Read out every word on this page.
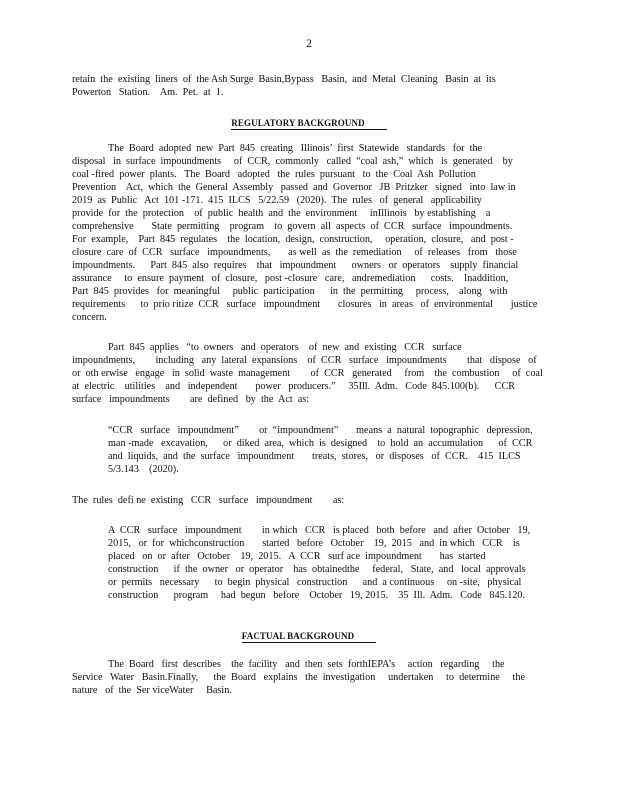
2
retain  the  existing  liners  of  the Ash Surge  Basin,Bypass   Basin,  and  Metal  Cleaning   Basin  at  its
Powerton   Station.    Am.  Pet.  at  1.
REGULATORY BACKGROUND
The  Board  adopted  new  Part  845  creating   Illinois’  first  Statewide   standards   for  the
disposal   in  surface  impoundments     of  CCR,  commonly   called  “coal  ash,”  which   is  generated    by
coal -fired  power  plants.   The  Board   adopted   the  rules  pursuant   to  the  Coal  Ash  Pollution
Prevention    Act,  which  the  General  Assembly   passed  and  Governor   JB  Pritzker   signed   into  law in
2019  as  Public   Act  101 -171.  415  ILCS   5/22.59   (2020).  The  rules   of  general   applicability
provide  for  the  protection    of  public  health  and  the  environment     inIllinois   by establishing    a
comprehensive       State  permitting    program    to  govern  all  aspects  of  CCR   surface   impoundments.
For  example,    Part  845  regulates    the  location,  design,  construction,     operation,  closure,   and  post -
closure  care  of  CCR   surface   impoundments,       as well  as  the  remediation     of  releases   from   those
impoundments.      Part  845  also  requires    that   impoundment      owners   or  operators    supply  financial
assurance     to  ensure  payment   of  closure,   post -closure   care,   andremediation      costs.    Inaddition,
Part  845  provides   for  meaningful     public  participation      in  the  permitting     process,    along   with
requirements      to  prio ritize  CCR   surface   impoundment       closures   in  areas   of  environmental       justice
concern.
Part  845  applies   “to  owners   and  operators    of  new  and  existing   CCR   surface
impoundments,        including   any  lateral  expansions    of  CCR   surface   impoundments        that   dispose   of
or  oth erwise   engage   in  solid  waste  management        of  CCR   generated     from    the  combustion     of  coal
at  electric    utilities    and   independent       power   producers.”     35Ill.  Adm.   Code  845.100(b).      CCR
surface   impoundments        are  defined   by  the  Act  as:
“CCR   surface   impoundment”        or  “impoundment”       means  a  natural  topographic   depression,
man -made   excavation,      or  diked  area,  which  is  designed    to  hold  an  accumulation      of  CCR
and  liquids,  and  the  surface   impoundment       treats,  stores,   or  disposes   of  CCR.    415  ILCS
5/3.143    (2020).
The  rules  defi ne  existing   CCR   surface   impoundment        as:
A  CCR   surface   impoundment        in which   CCR   is placed   both  before   and  after  October   19,
2015,   or  for  whichconstruction       started   before   October    19,  2015   and  in which   CCR    is
placed   on  or  after   October    19,  2015.   A  CCR   surf ace  impoundment       has  started
construction      if  the  owner   or  operator    has  obtainedthe     federal,   State,  and   local  approvals
or  permits   necessary      to  begin  physical   construction      and  a continuous     on -site,   physical
construction      program     had  begun   before    October   19, 2015.    35  Ill.  Adm.   Code   845.120.
FACTUAL BACKGROUND
The  Board   first  describes    the  facility   and  then  sets  forthIEPA’s     action   regarding     the
Service   Water   Basin.Finally,      the  Board   explains   the  investigation     undertaken     to  determine     the
nature   of  the  Ser viceWater     Basin.
